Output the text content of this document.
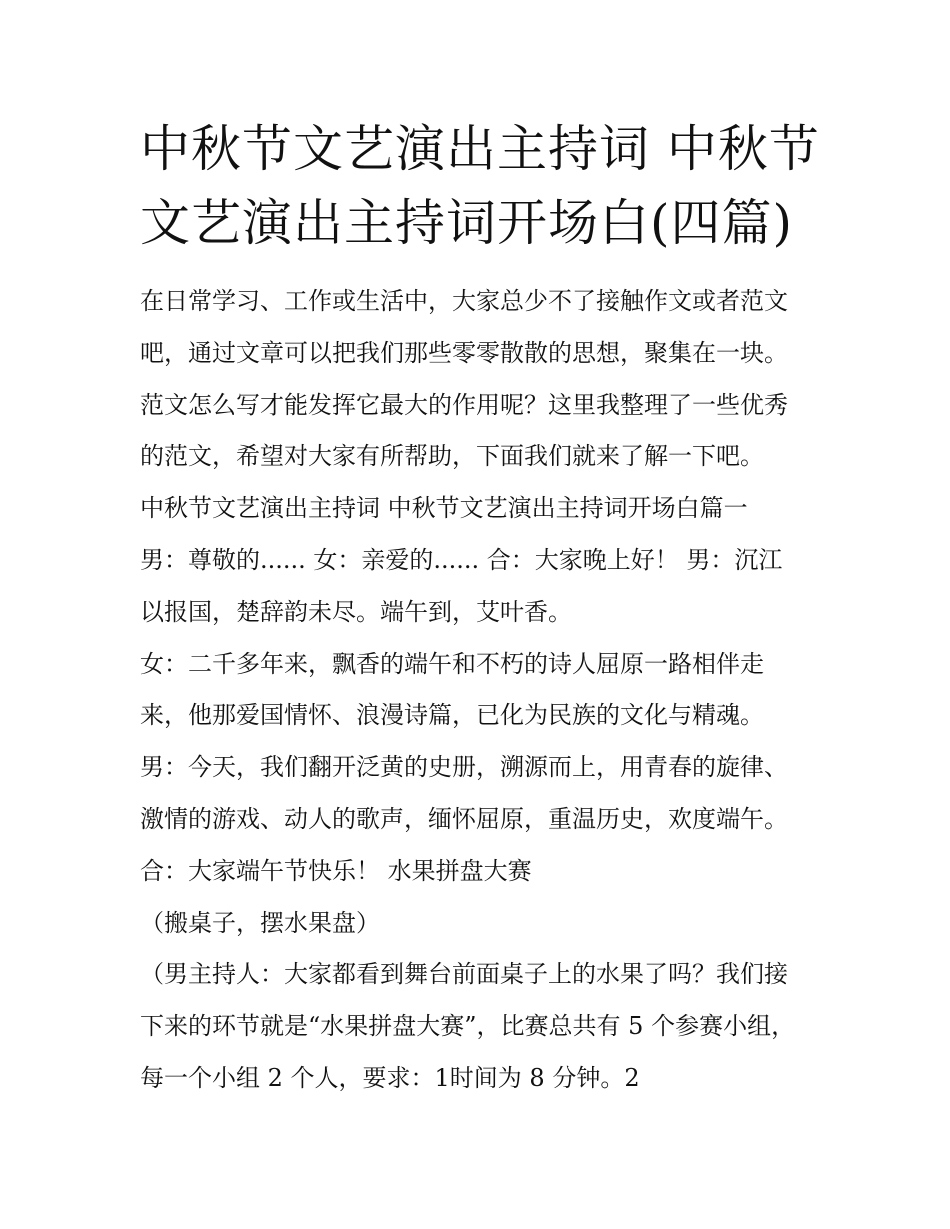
中秋节文艺演出主持词 中秋节
文艺演出主持词开场白(四篇)
在日常学习、工作或生活中，大家总少不了接触作文或者范文
吧，通过文章可以把我们那些零零散散的思想，聚集在一块。
范文怎么写才能发挥它最大的作用呢？这里我整理了一些优秀
的范文，希望对大家有所帮助，下面我们就来了解一下吧。
中秋节文艺演出主持词 中秋节文艺演出主持词开场白篇一
男：尊敬的...... 女：亲爱的...... 合：大家晚上好！ 男：沉江
以报国，楚辞韵未尽。端午到，艾叶香。
女：二千多年来，飘香的端午和不朽的诗人屈原一路相伴走
来，他那爱国情怀、浪漫诗篇，已化为民族的文化与精魂。
男：今天，我们翻开泛黄的史册，溯源而上，用青春的旋律、
激情的游戏、动人的歌声，缅怀屈原，重温历史，欢度端午。
合：大家端午节快乐！ 水果拼盘大赛
（搬桌子，摆水果盘）
（男主持人：大家都看到舞台前面桌子上的水果了吗？我们接
下来的环节就是“水果拼盘大赛”，比赛总共有 5 个参赛小组，
每一个小组 2 个人，要求：1时间为 8 分钟。2
